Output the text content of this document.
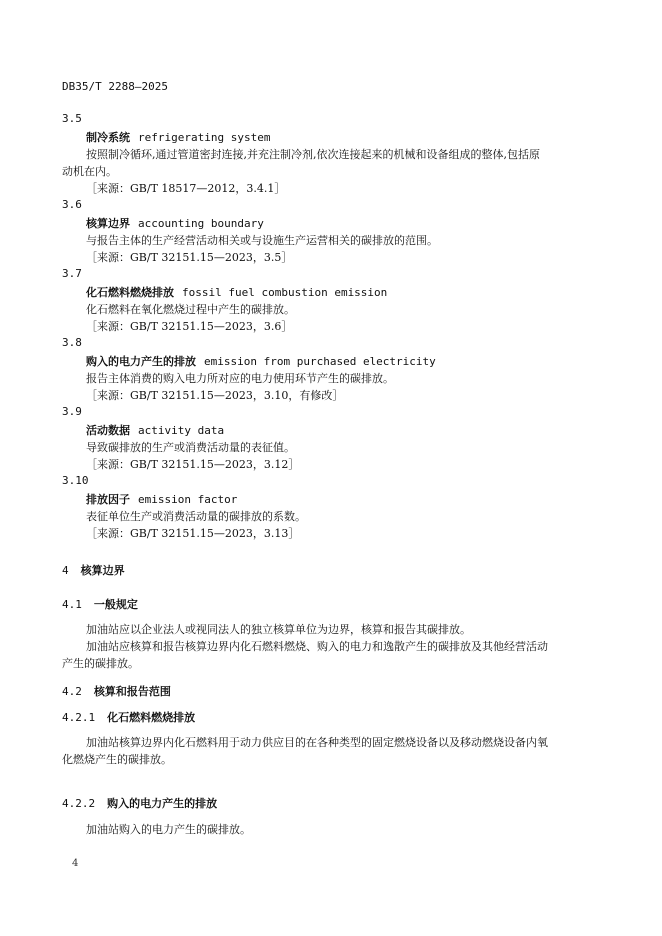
DB35/T 2288—2025
3.5
制冷系统 refrigerating system
按照制冷循环,通过管道密封连接,并充注制冷剂,依次连接起来的机械和设备组成的整体,包括原
动机在内。
［来源：GB/T 18517—2012，3.4.1］
3.6
核算边界 accounting boundary
与报告主体的生产经营活动相关或与设施生产运营相关的碳排放的范围。
［来源：GB/T 32151.15—2023，3.5］
3.7
化石燃料燃烧排放 fossil fuel combustion emission
化石燃料在氧化燃烧过程中产生的碳排放。
［来源：GB/T 32151.15—2023，3.6］
3.8
购入的电力产生的排放 emission from purchased electricity
报告主体消费的购入电力所对应的电力使用环节产生的碳排放。
［来源：GB/T 32151.15—2023，3.10，有修改］
3.9
活动数据 activity data
导致碳排放的生产或消费活动量的表征值。
［来源：GB/T 32151.15—2023，3.12］
3.10
排放因子 emission factor
表征单位生产或消费活动量的碳排放的系数。
［来源：GB/T 32151.15—2023，3.13］
4 核算边界
4.1 一般规定
加油站应以企业法人或视同法人的独立核算单位为边界，核算和报告其碳排放。
加油站应核算和报告核算边界内化石燃料燃烧、购入的电力和逸散产生的碳排放及其他经营活动
产生的碳排放。
4.2 核算和报告范围
4.2.1 化石燃料燃烧排放
加油站核算边界内化石燃料用于动力供应目的在各种类型的固定燃烧设备以及移动燃烧设备内氧
化燃烧产生的碳排放。
4.2.2 购入的电力产生的排放
加油站购入的电力产生的碳排放。
4
